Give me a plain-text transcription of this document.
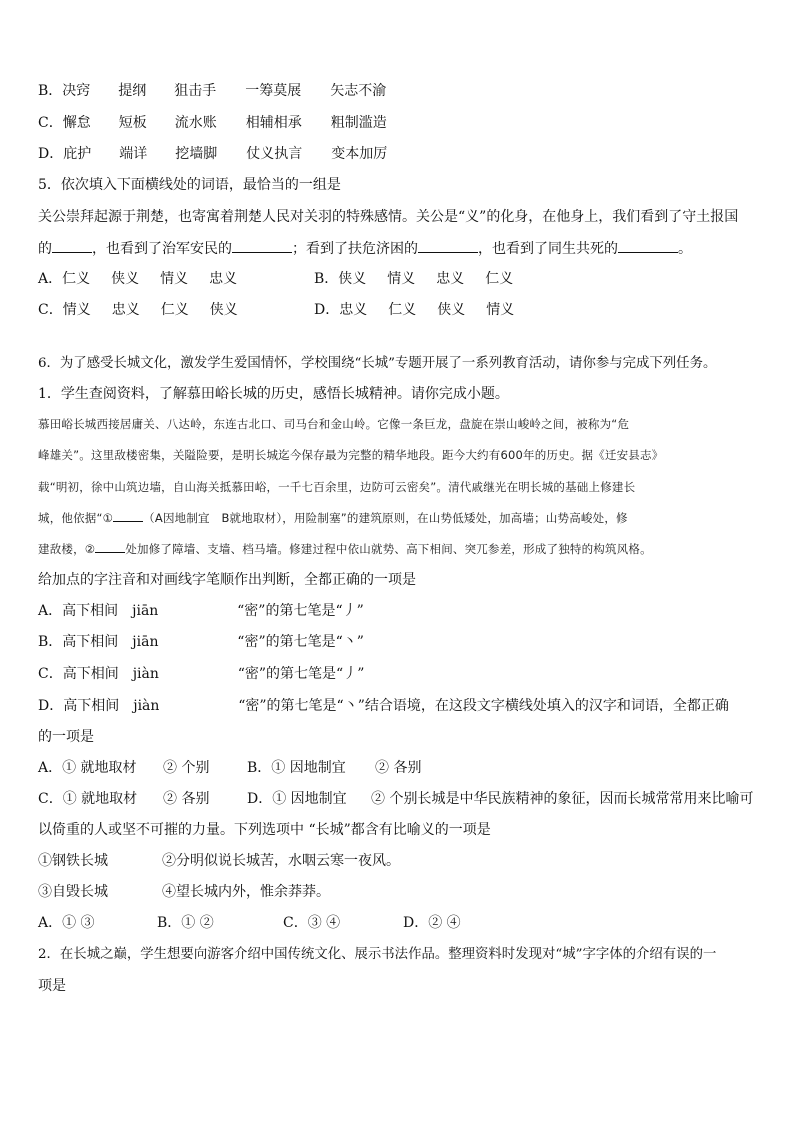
B．决窍 提纲 狙击手 一筹莫展 矢志不渝
C．懈怠 短板 流水账 相辅相承 粗制滥造
D．庇护 端详 挖墙脚 仗义执言 变本加厉
5．依次填入下面横线处的词语，最恰当的一组是
关公崇拜起源于荆楚，也寄寓着荆楚人民对关羽的特殊感情。关公是“义”的化身，在他身上，我们看到了守土报国
的	，也看到了治军安民的	；看到了扶危济困的	，也看到了同生共死的	。
A．仁义 侠义 情义 忠义	B．侠义 情义 忠义 仁义
C．情义 忠义 仁义 侠义	D．忠义 仁义 侠义 情义
6．为了感受长城文化，激发学生爱国情怀，学校围绕“长城”专题开展了一系列教育活动，请你参与完成下列任务。
1．学生查阅资料，了解慕田峪长城的历史，感悟长城精神。请你完成小题。
慕田峪长城西接居庸关、八达岭，东连古北口、司马台和金山岭。它像一条巨龙，盘旋在崇山峻岭之间，被称为“危
峰雄关”。这里敌楼密集，关隘险要，是明长城迄今保存最为完整的精华地段。距今大约有600年的历史。据《迁安县志》
载“明初，徐中山筑边墙，自山海关抵慕田峪，一千七百余里，边防可云密矣”。清代戚继光在明长城的基础上修建长
城，他依据“①	（A因地制宜　B就地取材），用险制塞”的建筑原则，在山势低矮处，加高墙；山势高峻处，修
建敌楼，②	处加修了障墙、支墙、档马墙。修建过程中依山就势、高下相间、突兀参差，形成了独特的构筑风格。
给加点的字注音和对画线字笔顺作出判断，全都正确的一项是
A．高下相间 jiān	“密”的第七笔是“丿”
B．高下相间 jiān	“密”的第七笔是“丶”
C．高下相间 jiàn	“密”的第七笔是“丿”
D．高下相间 jiàn	“密”的第七笔是“丶”结合语境，在这段文字横线处填入的汉字和词语，全都正确
的一项是
A．① 就地取材 ② 个别	B．① 因地制宜 ② 各别
C．① 就地取材 ② 各别	D．① 因地制宜 ② 个别长城是中华民族精神的象征，因而长城常常用来比喻可
以倚重的人或坚不可摧的力量。下列选项中 “长城”都含有比喻义的一项是
①钢铁长城	②分明似说长城苦，水咽云寒一夜风。
③自毁长城	④望长城内外，惟余莽莽。
A．① ③	B．① ②	C．③ ④	D．② ④
2．在长城之巅，学生想要向游客介绍中国传统文化、展示书法作品。整理资料时发现对“城”字字体的介绍有误的一
项是
